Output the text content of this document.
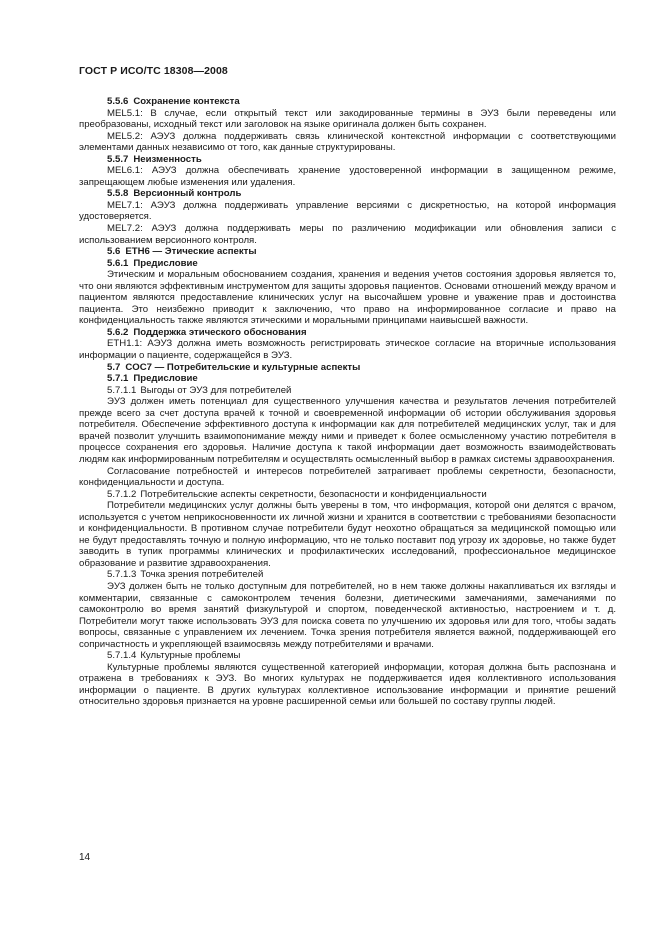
ГОСТ Р ИСО/ТС 18308—2008
5.5.6 Сохранение контекста
MEL5.1: В случае, если открытый текст или закодированные термины в ЭУЗ были переведены или преобразованы, исходный текст или заголовок на языке оригинала должен быть сохранен.
MEL5.2: АЭУЗ должна поддерживать связь клинической контекстной информации с соответствующими элементами данных независимо от того, как данные структурированы.
5.5.7 Неизменность
MEL6.1: АЭУЗ должна обеспечивать хранение удостоверенной информации в защищенном режиме, запрещающем любые изменения или удаления.
5.5.8 Версионный контроль
MEL7.1: АЭУЗ должна поддерживать управление версиями с дискретностью, на которой информация удостоверяется.
MEL7.2: АЭУЗ должна поддерживать меры по различению модификации или обновления записи с использованием версионного контроля.
5.6 ETH6 — Этические аспекты
5.6.1 Предисловие
Этическим и моральным обоснованием создания, хранения и ведения учетов состояния здоровья является то, что они являются эффективным инструментом для защиты здоровья пациентов. Основами отношений между врачом и пациентом являются предоставление клинических услуг на высочайшем уровне и уважение прав и достоинства пациента. Это неизбежно приводит к заключению, что право на информированное согласие и право на конфиденциальность также являются этическими и моральными принципами наивысшей важности.
5.6.2 Поддержка этического обоснования
ETH1.1: АЭУЗ должна иметь возможность регистрировать этическое согласие на вторичные использования информации о пациенте, содержащейся в ЭУЗ.
5.7 COC7 — Потребительские и культурные аспекты
5.7.1 Предисловие
5.7.1.1 Выгоды от ЭУЗ для потребителей
ЭУЗ должен иметь потенциал для существенного улучшения качества и результатов лечения потребителей прежде всего за счет доступа врачей к точной и своевременной информации об истории обслуживания здоровья потребителя. Обеспечение эффективного доступа к информации как для потребителей медицинских услуг, так и для врачей позволит улучшить взаимопонимание между ними и приведет к более осмысленному участию потребителя в процессе сохранения его здоровья. Наличие доступа к такой информации дает возможность взаимодействовать людям как информированным потребителям и осуществлять осмысленный выбор в рамках системы здравоохранения.
Согласование потребностей и интересов потребителей затрагивает проблемы секретности, безопасности, конфиденциальности и доступа.
5.7.1.2 Потребительские аспекты секретности, безопасности и конфиденциальности
Потребители медицинских услуг должны быть уверены в том, что информация, которой они делятся с врачом, используется с учетом неприкосновенности их личной жизни и хранится в соответствии с требованиями безопасности и конфиденциальности. В противном случае потребители будут неохотно обращаться за медицинской помощью или не будут предоставлять точную и полную информацию, что не только поставит под угрозу их здоровье, но также будет заводить в тупик программы клинических и профилактических исследований, профессиональное медицинское образование и развитие здравоохранения.
5.7.1.3 Точка зрения потребителей
ЭУЗ должен быть не только доступным для потребителей, но в нем также должны накапливаться их взгляды и комментарии, связанные с самоконтролем течения болезни, диетическими замечаниями, замечаниями по самоконтролю во время занятий физкультурой и спортом, поведенческой активностью, настроением и т. д. Потребители могут также использовать ЭУЗ для поиска совета по улучшению их здоровья или для того, чтобы задать вопросы, связанные с управлением их лечением. Точка зрения потребителя является важной, поддерживающей его сопричастность и укрепляющей взаимосвязь между потребителями и врачами.
5.7.1.4 Культурные проблемы
Культурные проблемы являются существенной категорией информации, которая должна быть распознана и отражена в требованиях к ЭУЗ. Во многих культурах не поддерживается идея коллективного использования информации о пациенте. В других культурах коллективное использование информации и принятие решений относительно здоровья признается на уровне расширенной семьи или большей по составу группы людей.
14
